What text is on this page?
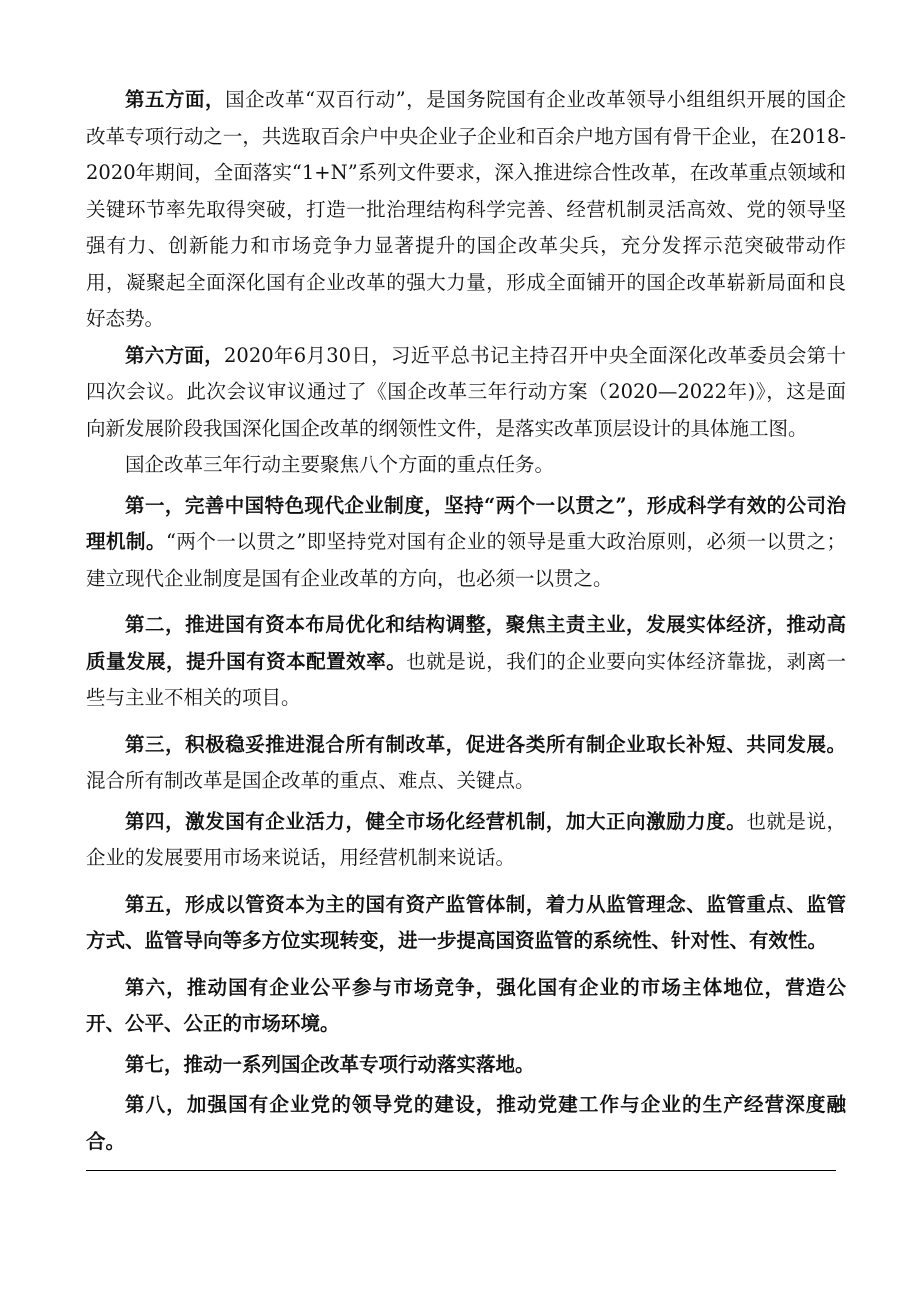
第五方面，国企改革“双百行动”，是国务院国有企业改革领导小组组织开展的国企改革专项行动之一，共选取百余户中央企业子企业和百余户地方国有骨干企业，在2018-2020年期间，全面落实“1+N”系列文件要求，深入推进综合性改革，在改革重点领域和关键环节率先取得突破，打造一批治理结构科学完善、经营机制灵活高效、党的领导坚强有力、创新能力和市场竞争力显著提升的国企改革尖兵，充分发挥示范突破带动作用，凝聚起全面深化国有企业改革的强大力量，形成全面铺开的国企改革崭新局面和良好态势。

第六方面，2020年6月30日，习近平总书记主持召开中央全面深化改革委员会第十四次会议。此次会议审议通过了《国企改革三年行动方案（2020—2022年)》，这是面向新发展阶段我国深化国企改革的纲领性文件，是落实改革顶层设计的具体施工图。

国企改革三年行动主要聚焦八个方面的重点任务。

第一，完善中国特色现代企业制度，坚持“两个一以贯之”，形成科学有效的公司治理机制。“两个一以贯之”即坚持党对国有企业的领导是重大政治原则，必须一以贯之；建立现代企业制度是国有企业改革的方向，也必须一以贯之。

第二，推进国有资本布局优化和结构调整，聚焦主责主业，发展实体经济，推动高质量发展，提升国有资本配置效率。也就是说，我们的企业要向实体经济靠拢，剥离一些与主业不相关的项目。

第三，积极稳妥推进混合所有制改革，促进各类所有制企业取长补短、共同发展。混合所有制改革是国企改革的重点、难点、关键点。

第四，激发国有企业活力，健全市场化经营机制，加大正向激励力度。也就是说，企业的发展要用市场来说话，用经营机制来说话。

第五，形成以管资本为主的国有资产监管体制，着力从监管理念、监管重点、监管方式、监管导向等多方位实现转变，进一步提高国资监管的系统性、针对性、有效性。

第六，推动国有企业公平参与市场竞争，强化国有企业的市场主体地位，营造公开、公平、公正的市场环境。

第七，推动一系列国企改革专项行动落实落地。

第八，加强国有企业党的领导党的建设，推动党建工作与企业的生产经营深度融合。
